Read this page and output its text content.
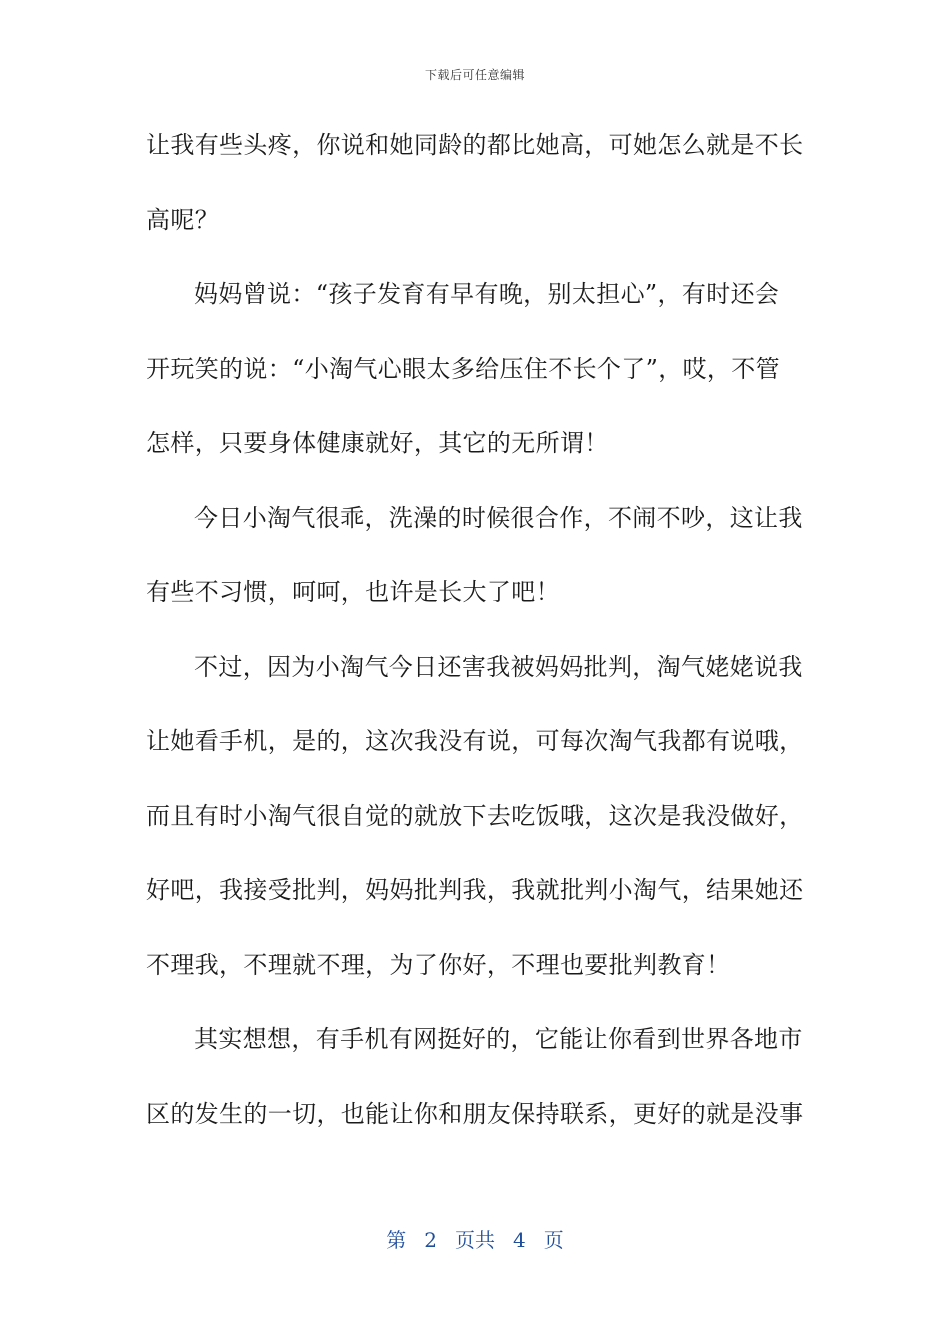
下载后可任意编辑
让我有些头疼，你说和她同龄的都比她高，可她怎么就是不长
高呢？
妈妈曾说：“孩子发育有早有晚，别太担心”，有时还会
开玩笑的说：“小淘气心眼太多给压住不长个了”，哎，不管
怎样，只要身体健康就好，其它的无所谓！
今日小淘气很乖，洗澡的时候很合作，不闹不吵，这让我
有些不习惯，呵呵，也许是长大了吧！
不过，因为小淘气今日还害我被妈妈批判，淘气姥姥说我
让她看手机，是的，这次我没有说，可每次淘气我都有说哦，
而且有时小淘气很自觉的就放下去吃饭哦，这次是我没做好，
好吧，我接受批判，妈妈批判我，我就批判小淘气，结果她还
不理我，不理就不理，为了你好，不理也要批判教育！
其实想想，有手机有网挺好的，它能让你看到世界各地市
区的发生的一切，也能让你和朋友保持联系，更好的就是没事
第 2 页共 4 页
